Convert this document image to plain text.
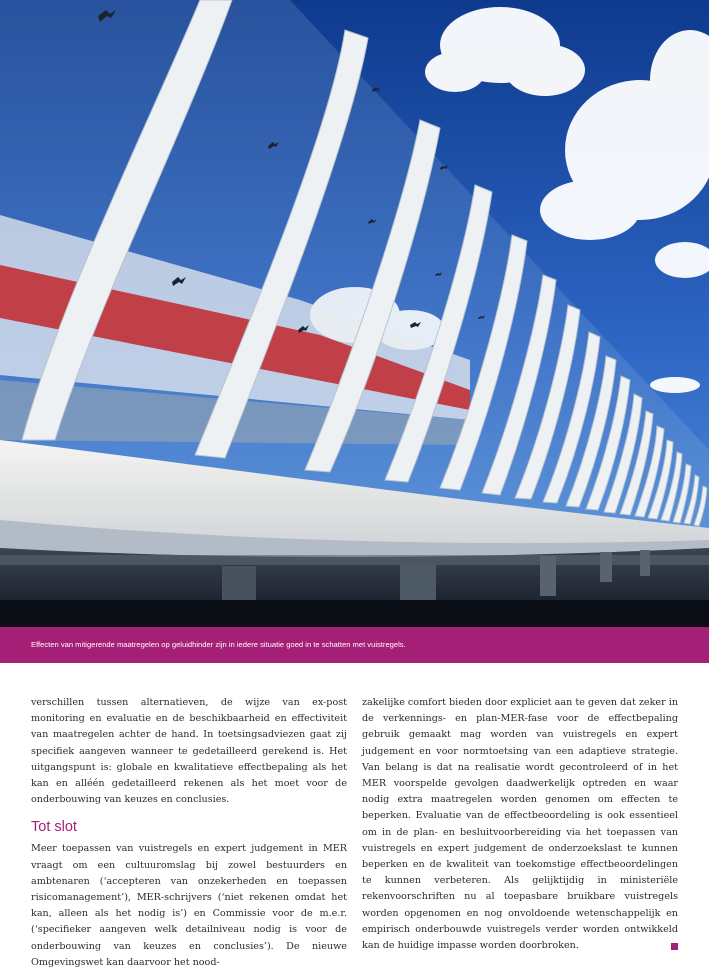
Effecten van mitigerende maatregelen op geluidhinder zijn in iedere situatie goed in te schatten met vuistregels.

verschillen tussen alternatieven, de wijze van ex-post monitoring en evaluatie en de beschikbaarheid en effectiviteit van maatregelen achter de hand. In toetsingsadviezen gaat zij specifiek aangeven wanneer te gedetailleerd gerekend is. Het uitgangspunt is: globale en kwalitatieve effectbepaling als het kan en alléén gedetailleerd rekenen als het moet voor de onderbouwing van keuzes en conclusies.

Tot slot

Meer toepassen van vuistregels en expert judgement in MER vraagt om een cultuuromslag bij zowel bestuurders en ambtenaren (‘accepteren van onzekerheden en toepassen risicomanagement’), MER-schrijvers (‘niet rekenen omdat het kan, alleen als het nodig is’) en Commissie voor de m.e.r. (‘specifieker aangeven welk detailniveau nodig is voor de onderbouwing van keuzes en conclusies’). De nieuwe Omgevingswet kan daarvoor het nood-

zakelijke comfort bieden door expliciet aan te geven dat zeker in de verkennings- en plan-MER-fase voor de effectbepaling gebruik gemaakt mag worden van vuistregels en expert judgement en voor normtoetsing van een adaptieve strategie. Van belang is dat na realisatie wordt gecontroleerd of in het MER voorspelde gevolgen daadwerkelijk optreden en waar nodig extra maatregelen worden genomen om effecten te beperken. Evaluatie van de effectbeoordeling is ook essentieel om in de plan- en besluitvoorbereiding via het toepassen van vuistregels en expert judgement de onderzoekslast te kunnen beperken en de kwaliteit van toekomstige effectbeoordelingen te kunnen verbeteren. Als gelijktijdig in ministeriële rekenvoorschriften nu al toepasbare bruikbare vuistregels worden opgenomen en nog onvoldoende wetenschappelijk en empirisch onderbouwde vuistregels verder worden ontwikkeld kan de huidige impasse worden doorbroken.
